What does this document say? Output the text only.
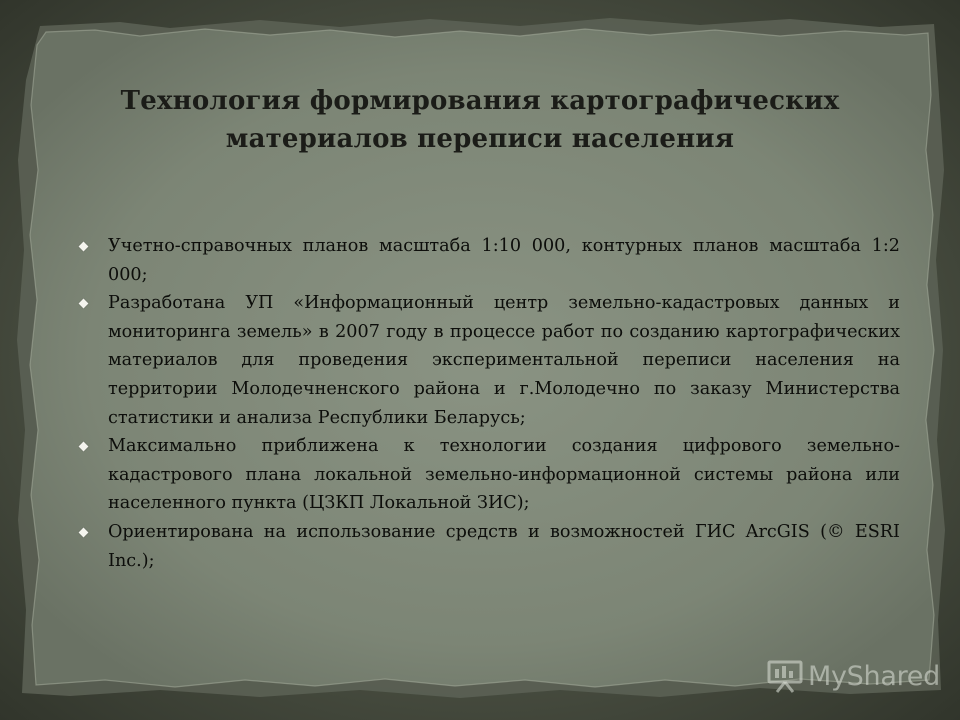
Технология формирования картографических
материалов переписи населения
Учетно-справочных планов масштаба 1:10 000, контурных планов масштаба 1:2 000;
Разработана УП «Информационный центр земельно-кадастровых данных и мониторинга земель» в 2007 году в процессе работ по созданию картографических материалов для проведения экспериментальной переписи населения на территории Молодечненского района и г.Молодечно по заказу Министерства статистики и анализа Республики Беларусь;
Максимально приближена к технологии создания цифрового земельно-кадастрового плана локальной земельно-информационной системы района или населенного пункта (ЦЗКП Локальной ЗИС);
Ориентирована на использование средств и возможностей ГИС ArcGIS (© ESRI Inc.);
MyShared
